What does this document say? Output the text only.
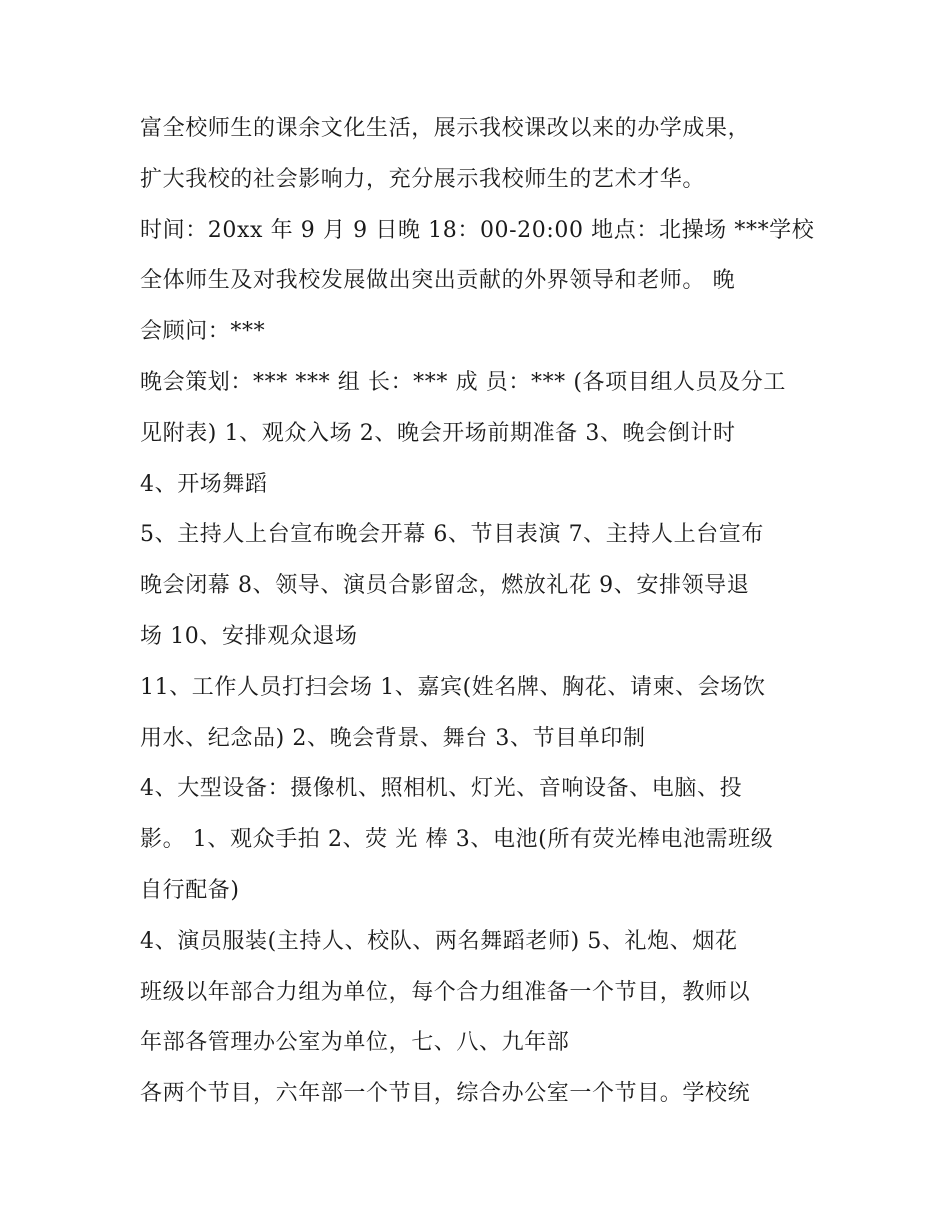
富全校师生的课余文化生活，展示我校课改以来的办学成果，
扩大我校的社会影响力，充分展示我校师生的艺术才华。
时间：20xx 年 9 月 9 日晚 18：00-20:00 地点：北操场 ***学校
全体师生及对我校发展做出突出贡献的外界领导和老师。 晚
会顾问：***
晚会策划：*** *** 组 长：*** 成 员：*** (各项目组人员及分工
见附表) 1、观众入场 2、晚会开场前期准备 3、晚会倒计时
4、开场舞蹈
5、主持人上台宣布晚会开幕 6、节目表演 7、主持人上台宣布
晚会闭幕 8、领导、演员合影留念，燃放礼花 9、安排领导退
场 10、安排观众退场
11、工作人员打扫会场 1、嘉宾(姓名牌、胸花、请柬、会场饮
用水、纪念品) 2、晚会背景、舞台 3、节目单印制
4、大型设备：摄像机、照相机、灯光、音响设备、电脑、投
影。 1、观众手拍 2、荧 光 棒 3、电池(所有荧光棒电池需班级
自行配备)
4、演员服装(主持人、校队、两名舞蹈老师) 5、礼炮、烟花
班级以年部合力组为单位，每个合力组准备一个节目，教师以
年部各管理办公室为单位，七、八、九年部
各两个节目，六年部一个节目，综合办公室一个节目。学校统
